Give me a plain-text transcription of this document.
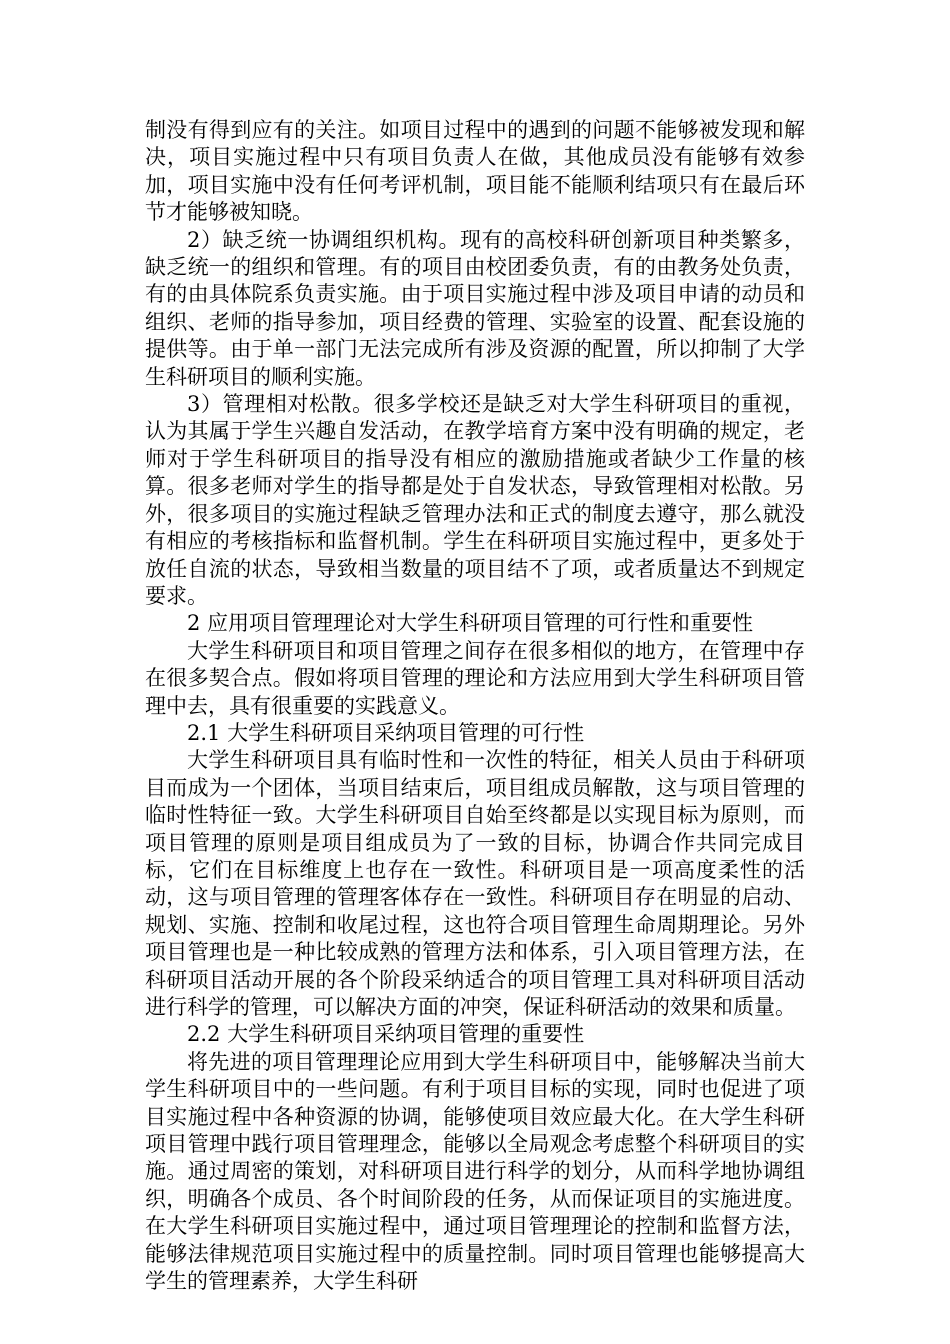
制没有得到应有的关注。如项目过程中的遇到的问题不能够被发现和解决，项目实施过程中只有项目负责人在做，其他成员没有能够有效参加，项目实施中没有任何考评机制，项目能不能顺利结项只有在最后环节才能够被知晓。

2）缺乏统一协调组织机构。现有的高校科研创新项目种类繁多，缺乏统一的组织和管理。有的项目由校团委负责，有的由教务处负责，有的由具体院系负责实施。由于项目实施过程中涉及项目申请的动员和组织、老师的指导参加，项目经费的管理、实验室的设置、配套设施的提供等。由于单一部门无法完成所有涉及资源的配置，所以抑制了大学生科研项目的顺利实施。

3）管理相对松散。很多学校还是缺乏对大学生科研项目的重视，认为其属于学生兴趣自发活动，在教学培育方案中没有明确的规定，老师对于学生科研项目的指导没有相应的激励措施或者缺少工作量的核算。很多老师对学生的指导都是处于自发状态，导致管理相对松散。另外，很多项目的实施过程缺乏管理办法和正式的制度去遵守，那么就没有相应的考核指标和监督机制。学生在科研项目实施过程中，更多处于放任自流的状态，导致相当数量的项目结不了项，或者质量达不到规定要求。

2 应用项目管理理论对大学生科研项目管理的可行性和重要性

大学生科研项目和项目管理之间存在很多相似的地方，在管理中存在很多契合点。假如将项目管理的理论和方法应用到大学生科研项目管理中去，具有很重要的实践意义。

2.1 大学生科研项目采纳项目管理的可行性

大学生科研项目具有临时性和一次性的特征，相关人员由于科研项目而成为一个团体，当项目结束后，项目组成员解散，这与项目管理的临时性特征一致。大学生科研项目自始至终都是以实现目标为原则，而项目管理的原则是项目组成员为了一致的目标，协调合作共同完成目标，它们在目标维度上也存在一致性。科研项目是一项高度柔性的活动，这与项目管理的管理客体存在一致性。科研项目存在明显的启动、规划、实施、控制和收尾过程，这也符合项目管理生命周期理论。另外项目管理也是一种比较成熟的管理方法和体系，引入项目管理方法，在科研项目活动开展的各个阶段采纳适合的项目管理工具对科研项目活动进行科学的管理，可以解决方面的冲突，保证科研活动的效果和质量。

2.2 大学生科研项目采纳项目管理的重要性

将先进的项目管理理论应用到大学生科研项目中，能够解决当前大学生科研项目中的一些问题。有利于项目目标的实现，同时也促进了项目实施过程中各种资源的协调，能够使项目效应最大化。在大学生科研项目管理中践行项目管理理念，能够以全局观念考虑整个科研项目的实施。通过周密的策划，对科研项目进行科学的划分，从而科学地协调组织，明确各个成员、各个时间阶段的任务，从而保证项目的实施进度。在大学生科研项目实施过程中，通过项目管理理论的控制和监督方法，能够法律规范项目实施过程中的质量控制。同时项目管理也能够提高大学生的管理素养，大学生科研
